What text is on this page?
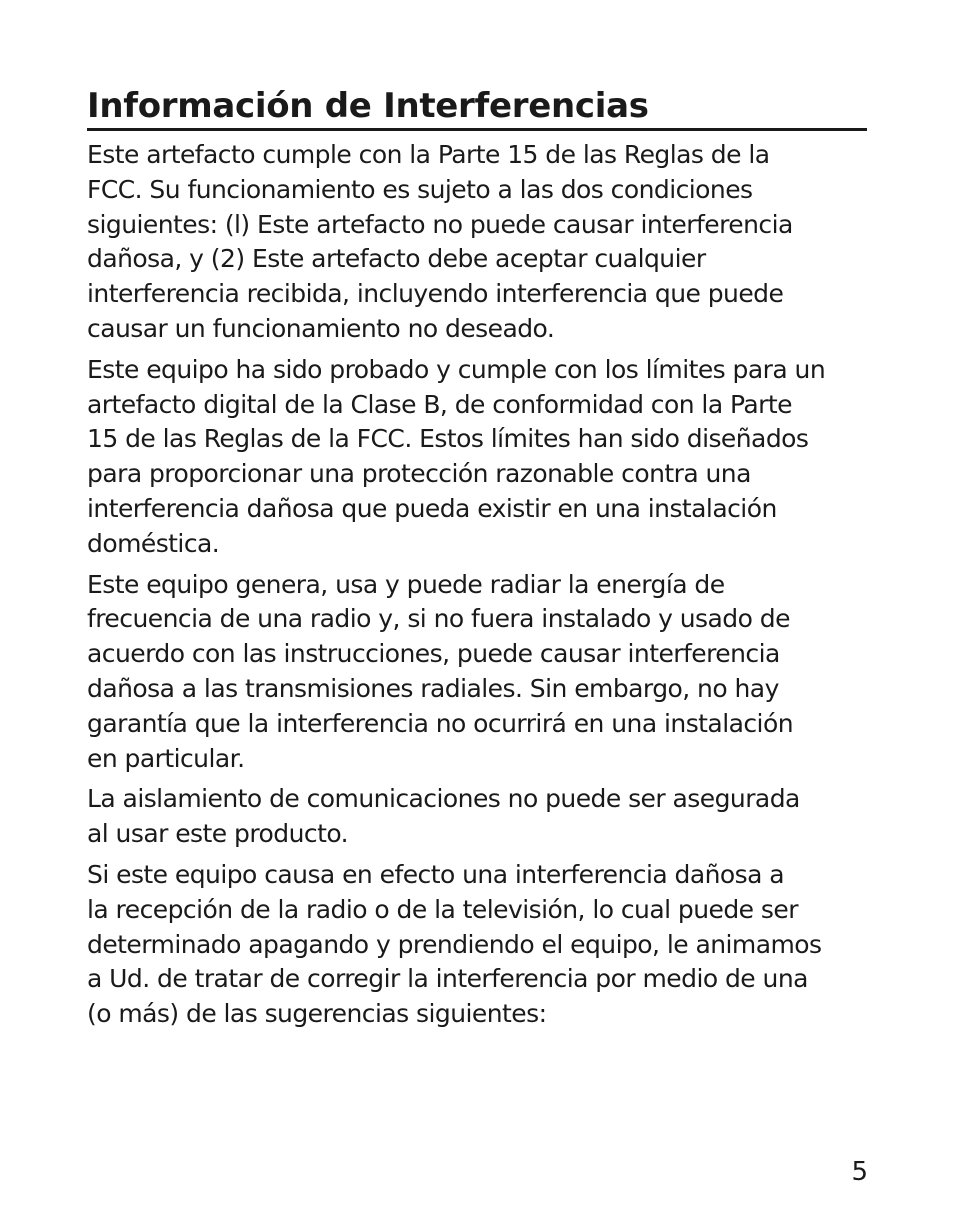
Información de Interferencias

Este artefacto cumple con la Parte 15 de las Reglas de la
FCC. Su funcionamiento es sujeto a las dos condiciones
siguientes: (l) Este artefacto no puede causar interferencia
dañosa, y (2) Este artefacto debe aceptar cualquier
interferencia recibida, incluyendo interferencia que puede
causar un funcionamiento no deseado.

Este equipo ha sido probado y cumple con los límites para un
artefacto digital de la Clase B, de conformidad con la Parte
15 de las Reglas de la FCC. Estos límites han sido diseñados
para proporcionar una protección razonable contra una
interferencia dañosa que pueda existir en una instalación
doméstica.

Este equipo genera, usa y puede radiar la energía de
frecuencia de una radio y, si no fuera instalado y usado de
acuerdo con las instrucciones, puede causar interferencia
dañosa a las transmisiones radiales. Sin embargo, no hay
garantía que la interferencia no ocurrirá en una instalación
en particular.

La aislamiento de comunicaciones no puede ser asegurada
al usar este producto.

Si este equipo causa en efecto una interferencia dañosa a
la recepción de la radio o de la televisión, lo cual puede ser
determinado apagando y prendiendo el equipo, le animamos
a Ud. de tratar de corregir la interferencia por medio de una
(o más) de las sugerencias siguientes:

5
